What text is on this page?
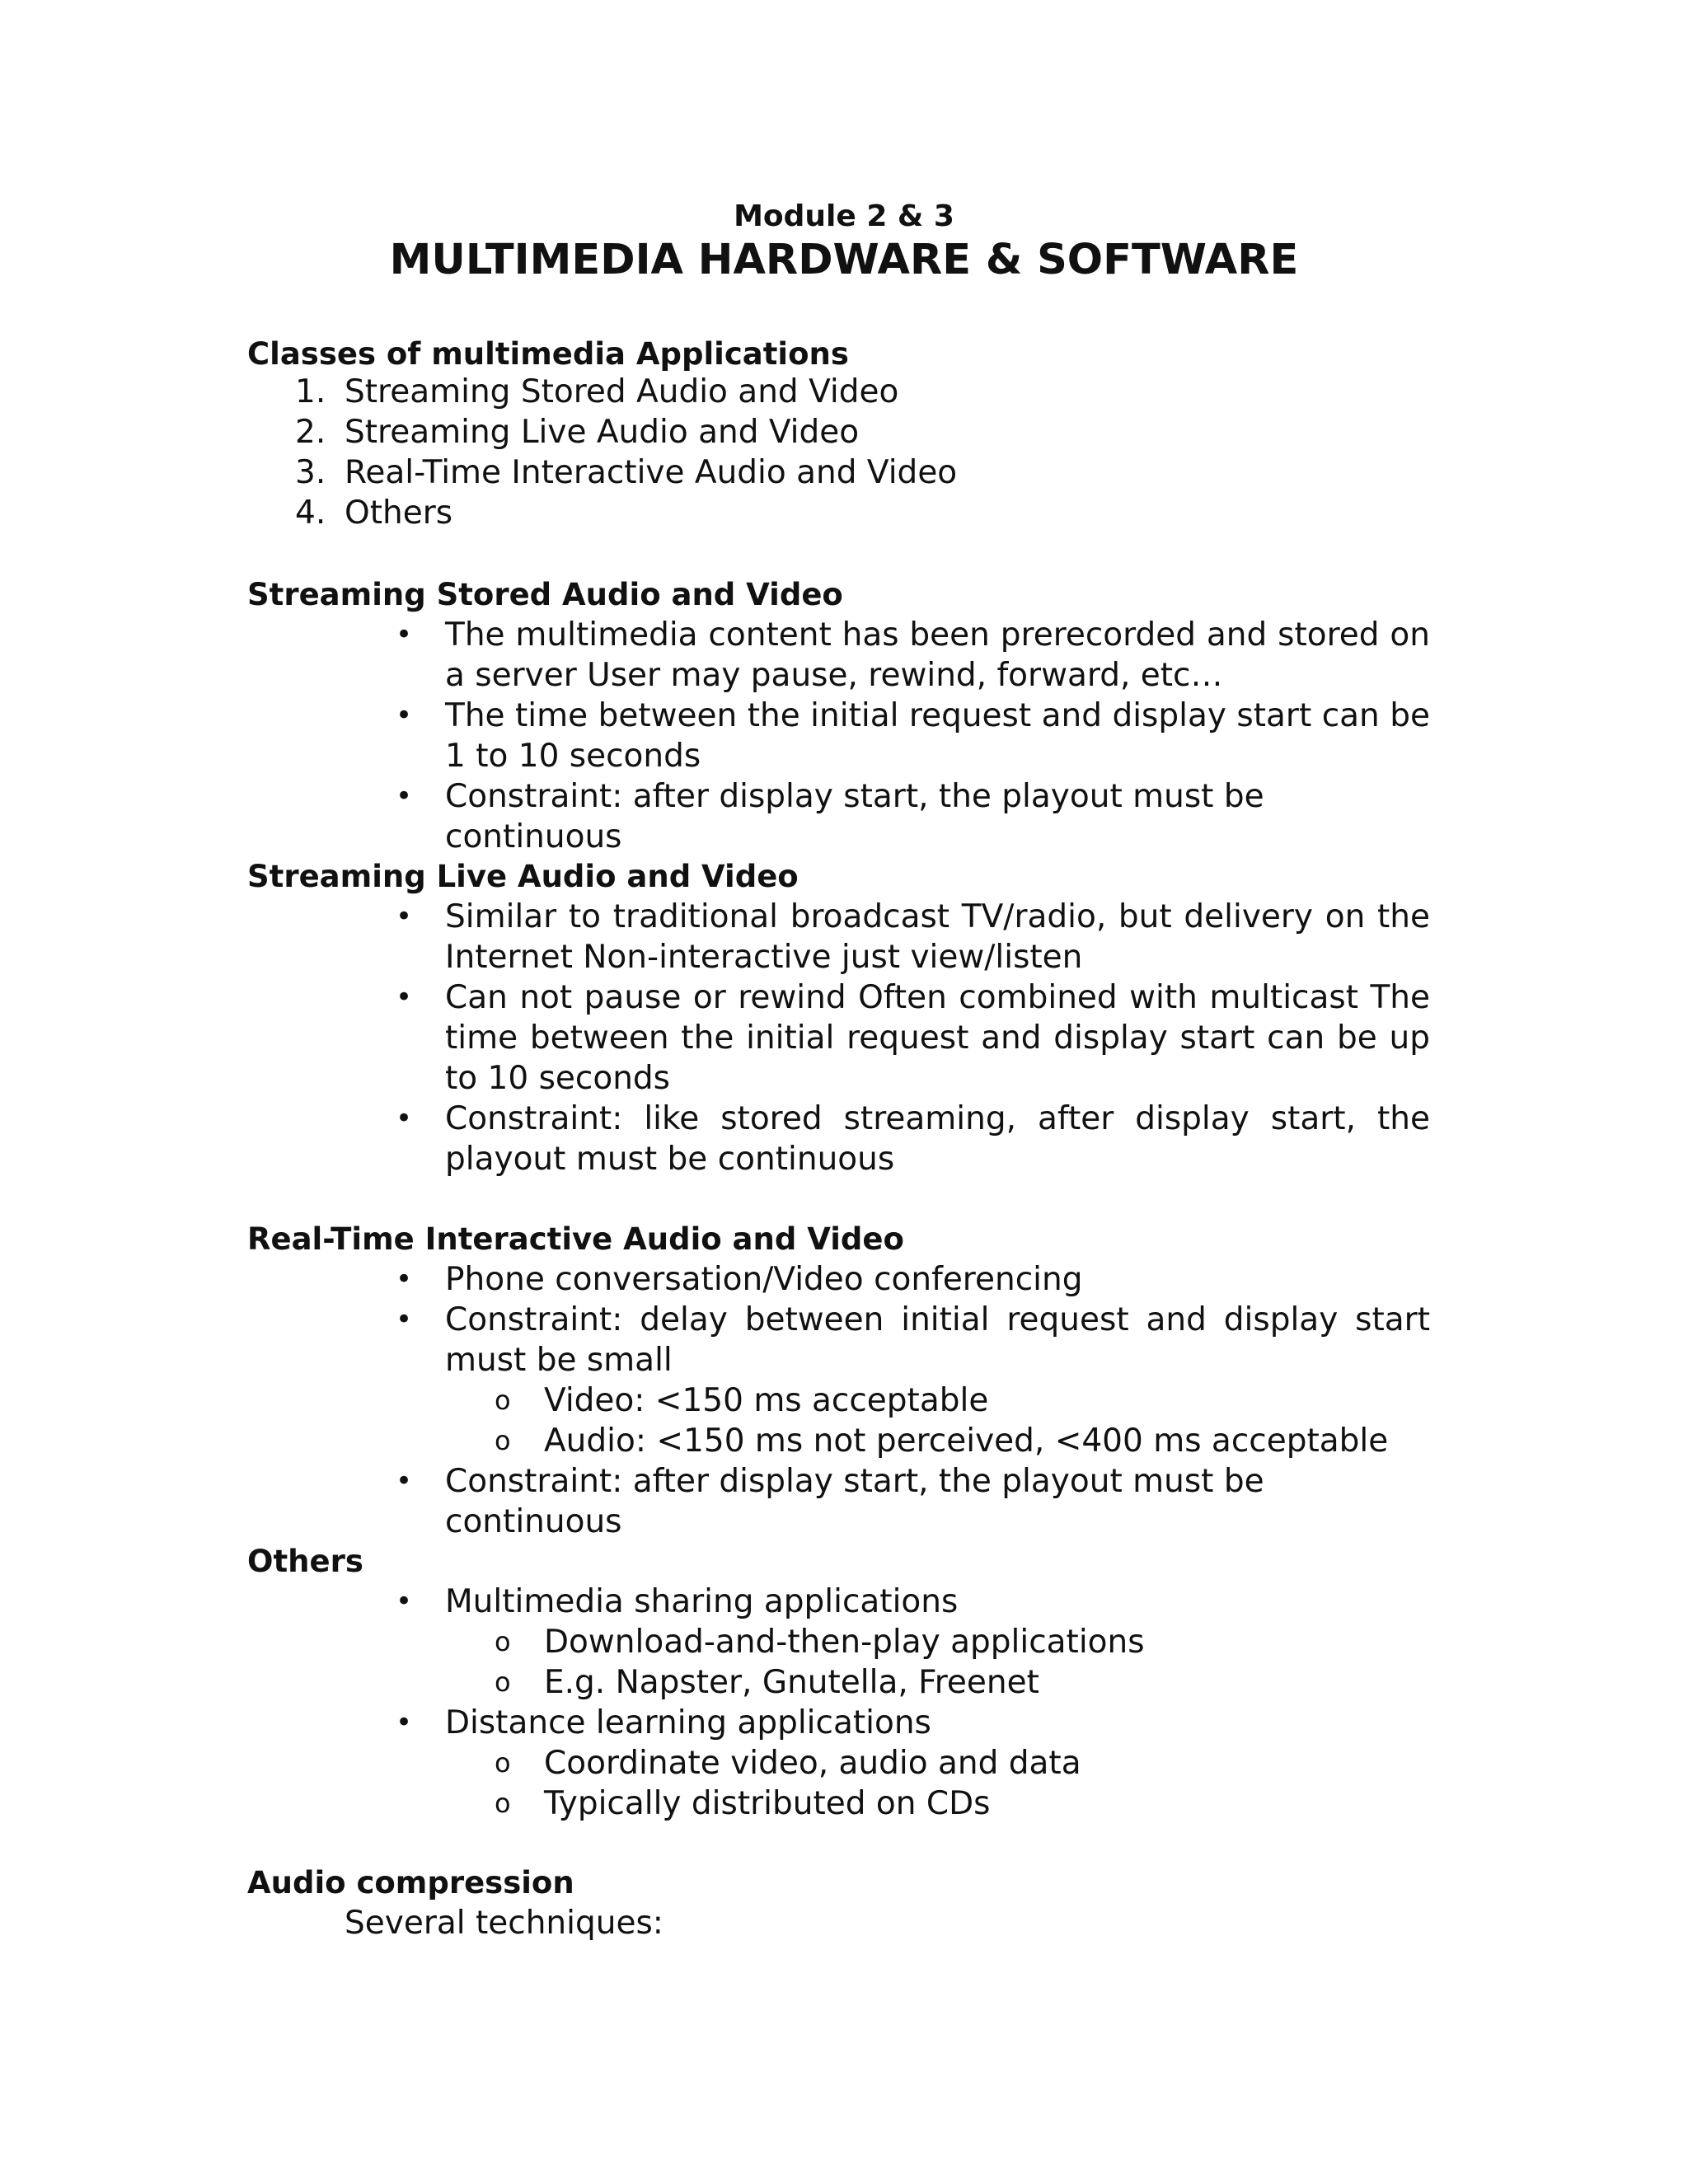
Module 2 & 3
MULTIMEDIA HARDWARE & SOFTWARE
Classes of multimedia Applications
1. Streaming Stored Audio and Video
2. Streaming Live Audio and Video
3. Real-Time Interactive Audio and Video
4. Others
Streaming Stored Audio and Video
• The multimedia content has been prerecorded and stored on a server User may pause, rewind, forward, etc…
• The time between the initial request and display start can be 1 to 10 seconds
• Constraint: after display start, the playout must be continuous
Streaming Live Audio and Video
• Similar to traditional broadcast TV/radio, but delivery on the Internet Non-interactive just view/listen
• Can not pause or rewind Often combined with multicast The time between the initial request and display start can be up to 10 seconds
• Constraint: like stored streaming, after display start, the playout must be continuous
Real-Time Interactive Audio and Video
• Phone conversation/Video conferencing
• Constraint: delay between initial request and display start must be small
o Video: <150 ms acceptable
o Audio: <150 ms not perceived, <400 ms acceptable
• Constraint: after display start, the playout must be continuous
Others
• Multimedia sharing applications
o Download-and-then-play applications
o E.g. Napster, Gnutella, Freenet
• Distance learning applications
o Coordinate video, audio and data
o Typically distributed on CDs
Audio compression
Several techniques:
